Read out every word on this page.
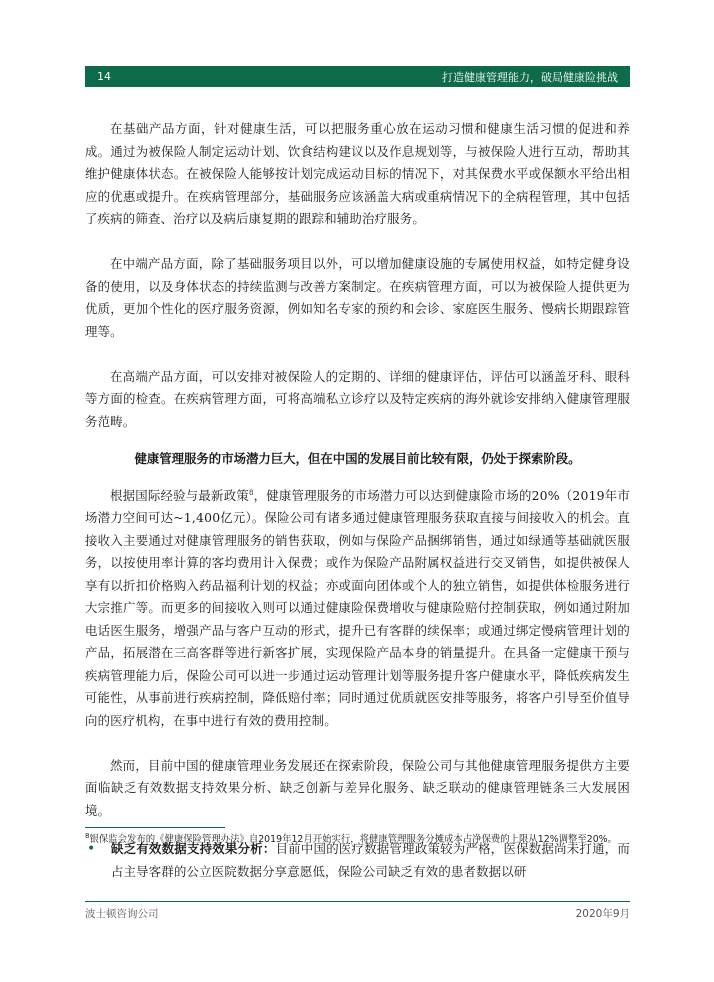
14	打造健康管理能力，破局健康险挑战

在基础产品方面，针对健康生活，可以把服务重心放在运动习惯和健康生活习惯的促进和养成。通过为被保险人制定运动计划、饮食结构建议以及作息规划等，与被保险人进行互动，帮助其维护健康体状态。在被保险人能够按计划完成运动目标的情况下，对其保费水平或保额水平给出相应的优惠或提升。在疾病管理部分，基础服务应该涵盖大病或重病情况下的全病程管理，其中包括了疾病的筛查、治疗以及病后康复期的跟踪和辅助治疗服务。

在中端产品方面，除了基础服务项目以外，可以增加健康设施的专属使用权益，如特定健身设备的使用，以及身体状态的持续监测与改善方案制定。在疾病管理方面，可以为被保险人提供更为优质，更加个性化的医疗服务资源，例如知名专家的预约和会诊、家庭医生服务、慢病长期跟踪管理等。

在高端产品方面，可以安排对被保险人的定期的、详细的健康评估，评估可以涵盖牙科、眼科等方面的检查。在疾病管理方面，可将高端私立诊疗以及特定疾病的海外就诊安排纳入健康管理服务范畴。

健康管理服务的市场潜力巨大，但在中国的发展目前比较有限，仍处于探索阶段。

根据国际经验与最新政策$^8$，健康管理服务的市场潜力可以达到健康险市场的20%（2019年市场潜力空间可达~1,400亿元）。保险公司有诸多通过健康管理服务获取直接与间接收入的机会。直接收入主要通过对健康管理服务的销售获取，例如与保险产品捆绑销售，通过如绿通等基础就医服务，以按使用率计算的客均费用计入保费；或作为保险产品附属权益进行交叉销售，如提供被保人享有以折扣价格购入药品福利计划的权益；亦或面向团体或个人的独立销售，如提供体检服务进行大宗推广等。而更多的间接收入则可以通过健康险保费增收与健康险赔付控制获取，例如通过附加电话医生服务，增强产品与客户互动的形式，提升已有客群的续保率；或通过绑定慢病管理计划的产品，拓展潜在三高客群等进行新客扩展，实现保险产品本身的销量提升。在具备一定健康干预与疾病管理能力后，保险公司可以进一步通过运动管理计划等服务提升客户健康水平，降低疾病发生可能性，从事前进行疾病控制，降低赔付率；同时通过优质就医安排等服务，将客户引导至价值导向的医疗机构，在事中进行有效的费用控制。

然而，目前中国的健康管理业务发展还在探索阶段，保险公司与其他健康管理服务提供方主要面临缺乏有效数据支持效果分析、缺乏创新与差异化服务、缺乏联动的健康管理链条三大发展困境。

•	缺乏有效数据支持效果分析：目前中国的医疗数据管理政策较为严格，医保数据尚未打通，而占主导客群的公立医院数据分享意愿低，保险公司缺乏有效的患者数据以研
$^8$银保监会发布的《健康保险管理办法》自2019年12月开始实行，将健康管理服务分摊成本占净保费的上限从12%调整至20%。
波士顿咨询公司	2020年9月
